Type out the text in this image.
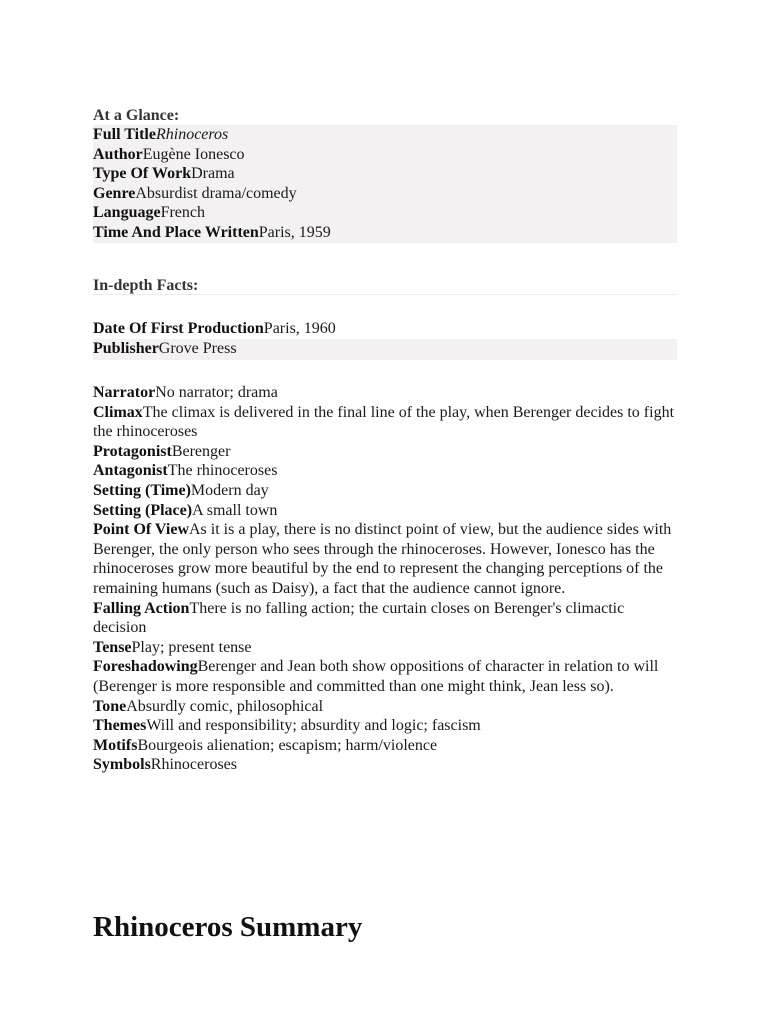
At a Glance:
Full TitleRhinoceros
AuthorEugène Ionesco
Type Of WorkDrama
GenreAbsurdist drama/comedy
LanguageFrench
Time And Place WrittenParis, 1959
In-depth Facts:
Date Of First ProductionParis, 1960
PublisherGrove Press
NarratorNo narrator; drama
ClimaxThe climax is delivered in the final line of the play, when Berenger decides to fight the rhinoceroses
ProtagonistBerenger
AntagonistThe rhinoceroses
Setting (Time)Modern day
Setting (Place)A small town
Point Of ViewAs it is a play, there is no distinct point of view, but the audience sides with Berenger, the only person who sees through the rhinoceroses. However, Ionesco has the rhinoceroses grow more beautiful by the end to represent the changing perceptions of the remaining humans (such as Daisy), a fact that the audience cannot ignore.
Falling ActionThere is no falling action; the curtain closes on Berenger's climactic decision
TensePlay; present tense
ForeshadowingBerenger and Jean both show oppositions of character in relation to will (Berenger is more responsible and committed than one might think, Jean less so).
ToneAbsurdly comic, philosophical
ThemesWill and responsibility; absurdity and logic; fascism
MotifsBourgeois alienation; escapism; harm/violence
SymbolsRhinoceroses
Rhinoceros Summary
